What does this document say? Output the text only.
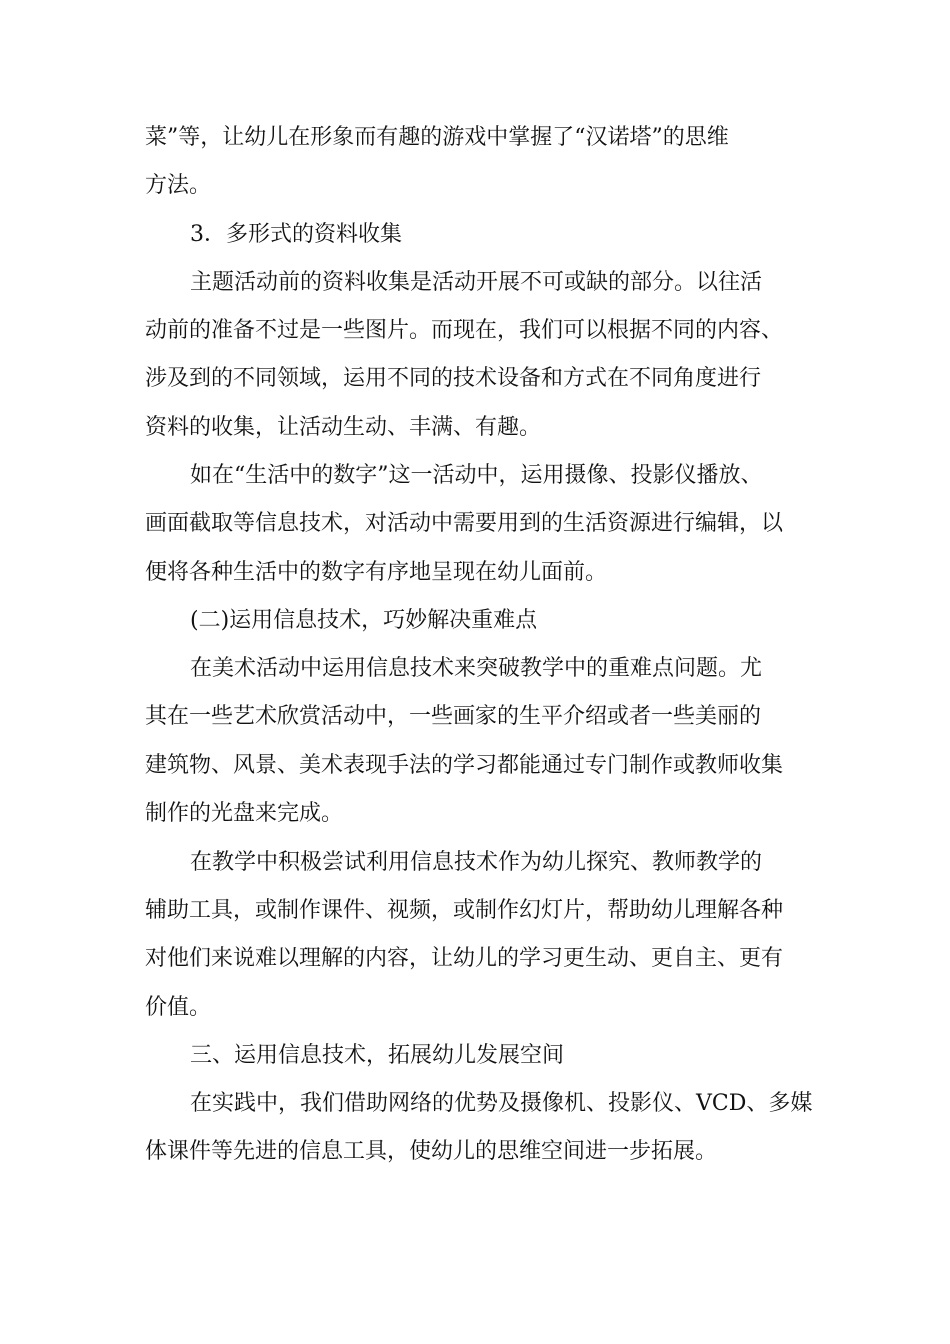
菜”等，让幼儿在形象而有趣的游戏中掌握了“汉诺塔”的思维
方法。
3．多形式的资料收集
主题活动前的资料收集是活动开展不可或缺的部分。以往活
动前的准备不过是一些图片。而现在，我们可以根据不同的内容、
涉及到的不同领域，运用不同的技术设备和方式在不同角度进行
资料的收集，让活动生动、丰满、有趣。
如在“生活中的数字”这一活动中，运用摄像、投影仪播放、
画面截取等信息技术，对活动中需要用到的生活资源进行编辑，以
便将各种生活中的数字有序地呈现在幼儿面前。
(二)运用信息技术，巧妙解决重难点
在美术活动中运用信息技术来突破教学中的重难点问题。尤
其在一些艺术欣赏活动中，一些画家的生平介绍或者一些美丽的
建筑物、风景、美术表现手法的学习都能通过专门制作或教师收集
制作的光盘来完成。
在教学中积极尝试利用信息技术作为幼儿探究、教师教学的
辅助工具，或制作课件、视频，或制作幻灯片，帮助幼儿理解各种
对他们来说难以理解的内容，让幼儿的学习更生动、更自主、更有
价值。
三、运用信息技术，拓展幼儿发展空间
在实践中，我们借助网络的优势及摄像机、投影仪、VCD、多媒
体课件等先进的信息工具，使幼儿的思维空间进一步拓展。
